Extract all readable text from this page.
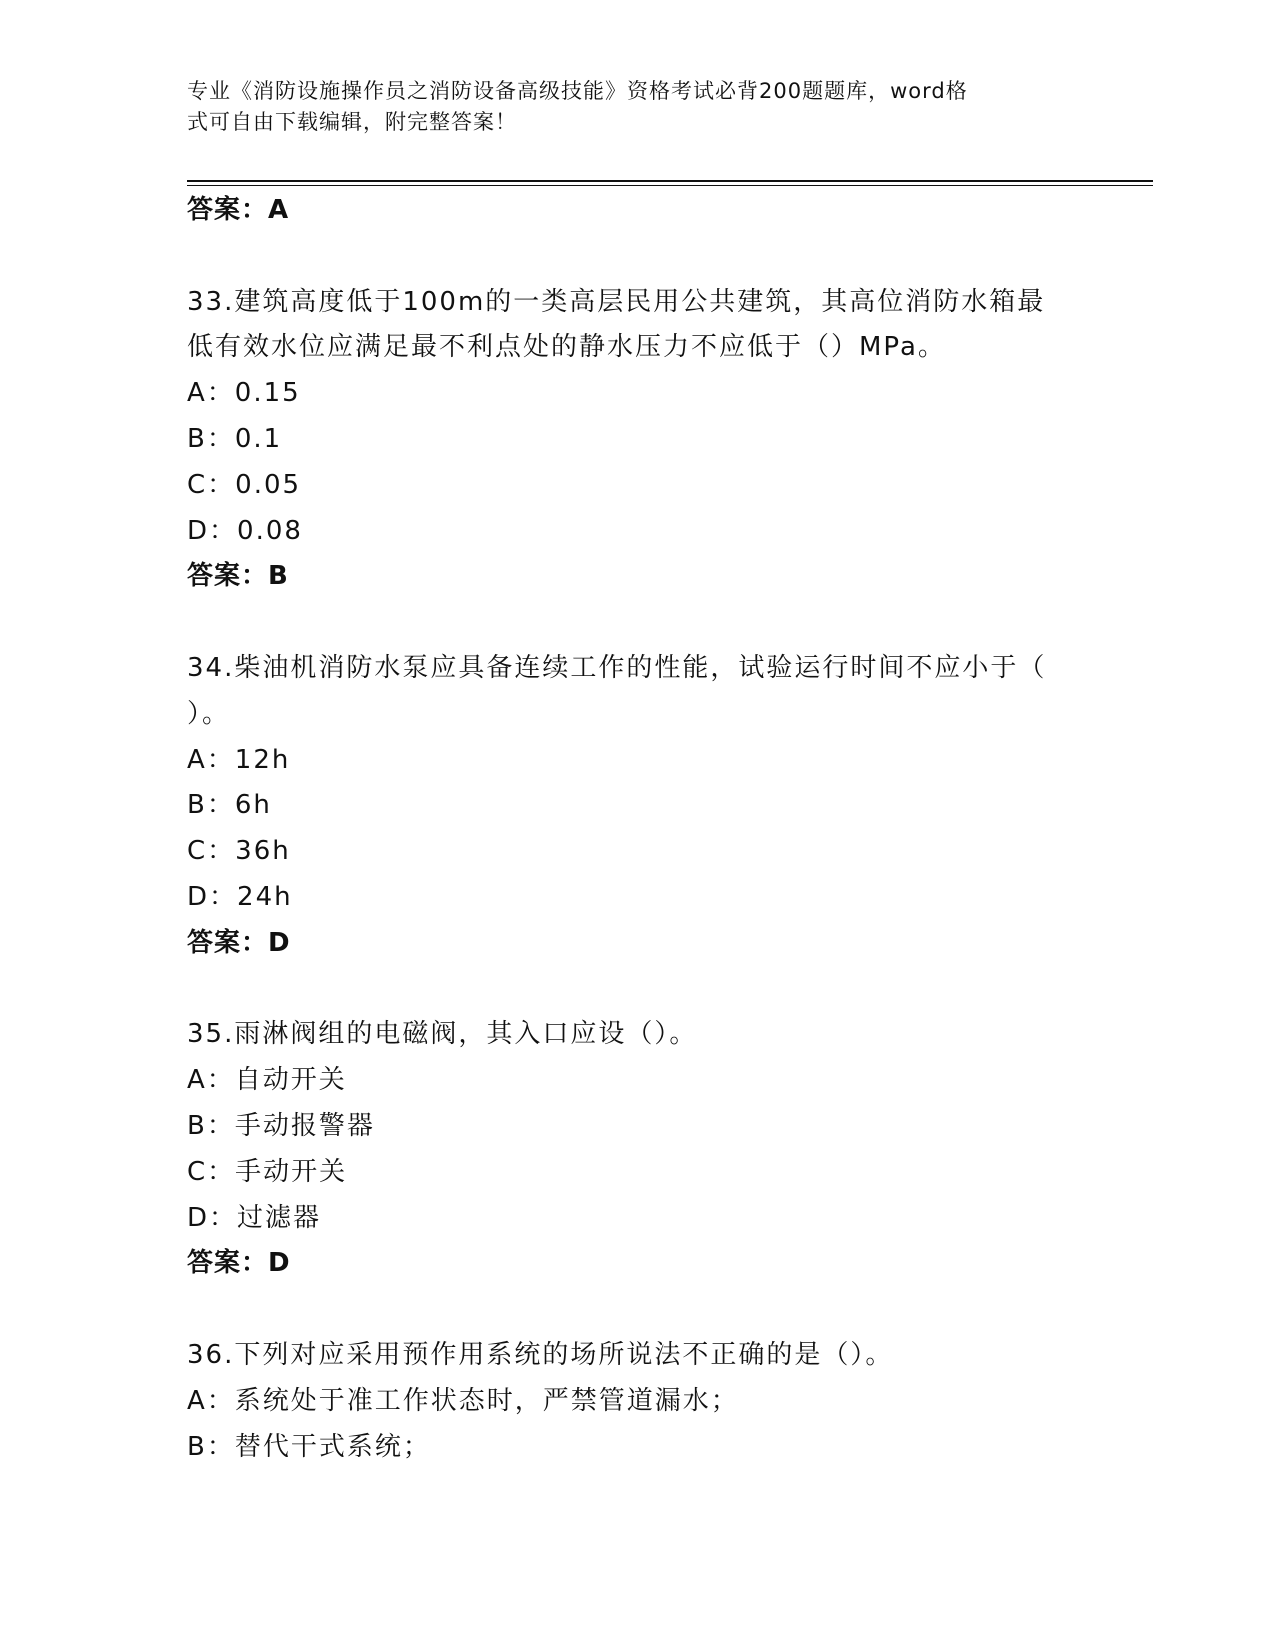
专业《消防设施操作员之消防设备高级技能》资格考试必背200题题库，word格
式可自由下载编辑，附完整答案！
答案：A
33.建筑高度低于100m的一类高层民用公共建筑，其高位消防水箱最
低有效水位应满足最不利点处的静水压力不应低于（）MPa。
A：0.15
B：0.1
C：0.05
D：0.08
答案：B
34.柴油机消防水泵应具备连续工作的性能，试验运行时间不应小于（
）。
A：12h
B：6h
C：36h
D：24h
答案：D
35.雨淋阀组的电磁阀，其入口应设（）。
A：自动开关
B：手动报警器
C：手动开关
D：过滤器
答案：D
36.下列对应采用预作用系统的场所说法不正确的是（）。
A：系统处于准工作状态时，严禁管道漏水；
B：替代干式系统；
